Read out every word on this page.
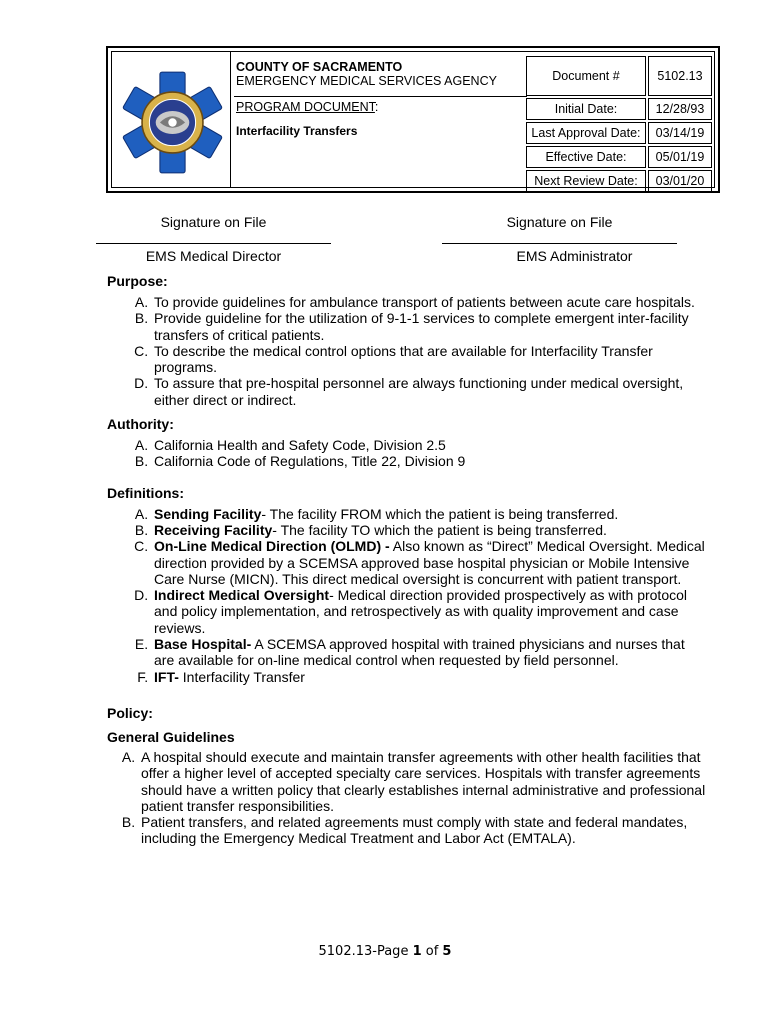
COUNTY OF SACRAMENTO
EMERGENCY MEDICAL SERVICES AGENCY
PROGRAM DOCUMENT:
Interfacility Transfers
Document #	5102.13
Initial Date:	12/28/93
Last Approval Date:	03/14/19
Effective Date:	05/01/19
Next Review Date:	03/01/20
Signature on File
EMS Medical Director
Signature on File
EMS Administrator
Purpose:
A. To provide guidelines for ambulance transport of patients between acute care hospitals.
B. Provide guideline for the utilization of 9-1-1 services to complete emergent inter-facility transfers of critical patients.
C. To describe the medical control options that are available for Interfacility Transfer programs.
D. To assure that pre-hospital personnel are always functioning under medical oversight, either direct or indirect.
Authority:
A. California Health and Safety Code, Division 2.5
B. California Code of Regulations, Title 22, Division 9
Definitions:
A. Sending Facility- The facility FROM which the patient is being transferred.
B. Receiving Facility- The facility TO which the patient is being transferred.
C. On-Line Medical Direction (OLMD) - Also known as “Direct” Medical Oversight. Medical direction provided by a SCEMSA approved base hospital physician or Mobile Intensive Care Nurse (MICN). This direct medical oversight is concurrent with patient transport.
D. Indirect Medical Oversight- Medical direction provided prospectively as with protocol and policy implementation, and retrospectively as with quality improvement and case reviews.
E. Base Hospital- A SCEMSA approved hospital with trained physicians and nurses that are available for on-line medical control when requested by field personnel.
F. IFT- Interfacility Transfer
Policy:
General Guidelines
A. A hospital should execute and maintain transfer agreements with other health facilities that offer a higher level of accepted specialty care services. Hospitals with transfer agreements should have a written policy that clearly establishes internal administrative and professional patient transfer responsibilities.
B. Patient transfers, and related agreements must comply with state and federal mandates, including the Emergency Medical Treatment and Labor Act (EMTALA).
5102.13-Page 1 of 5
